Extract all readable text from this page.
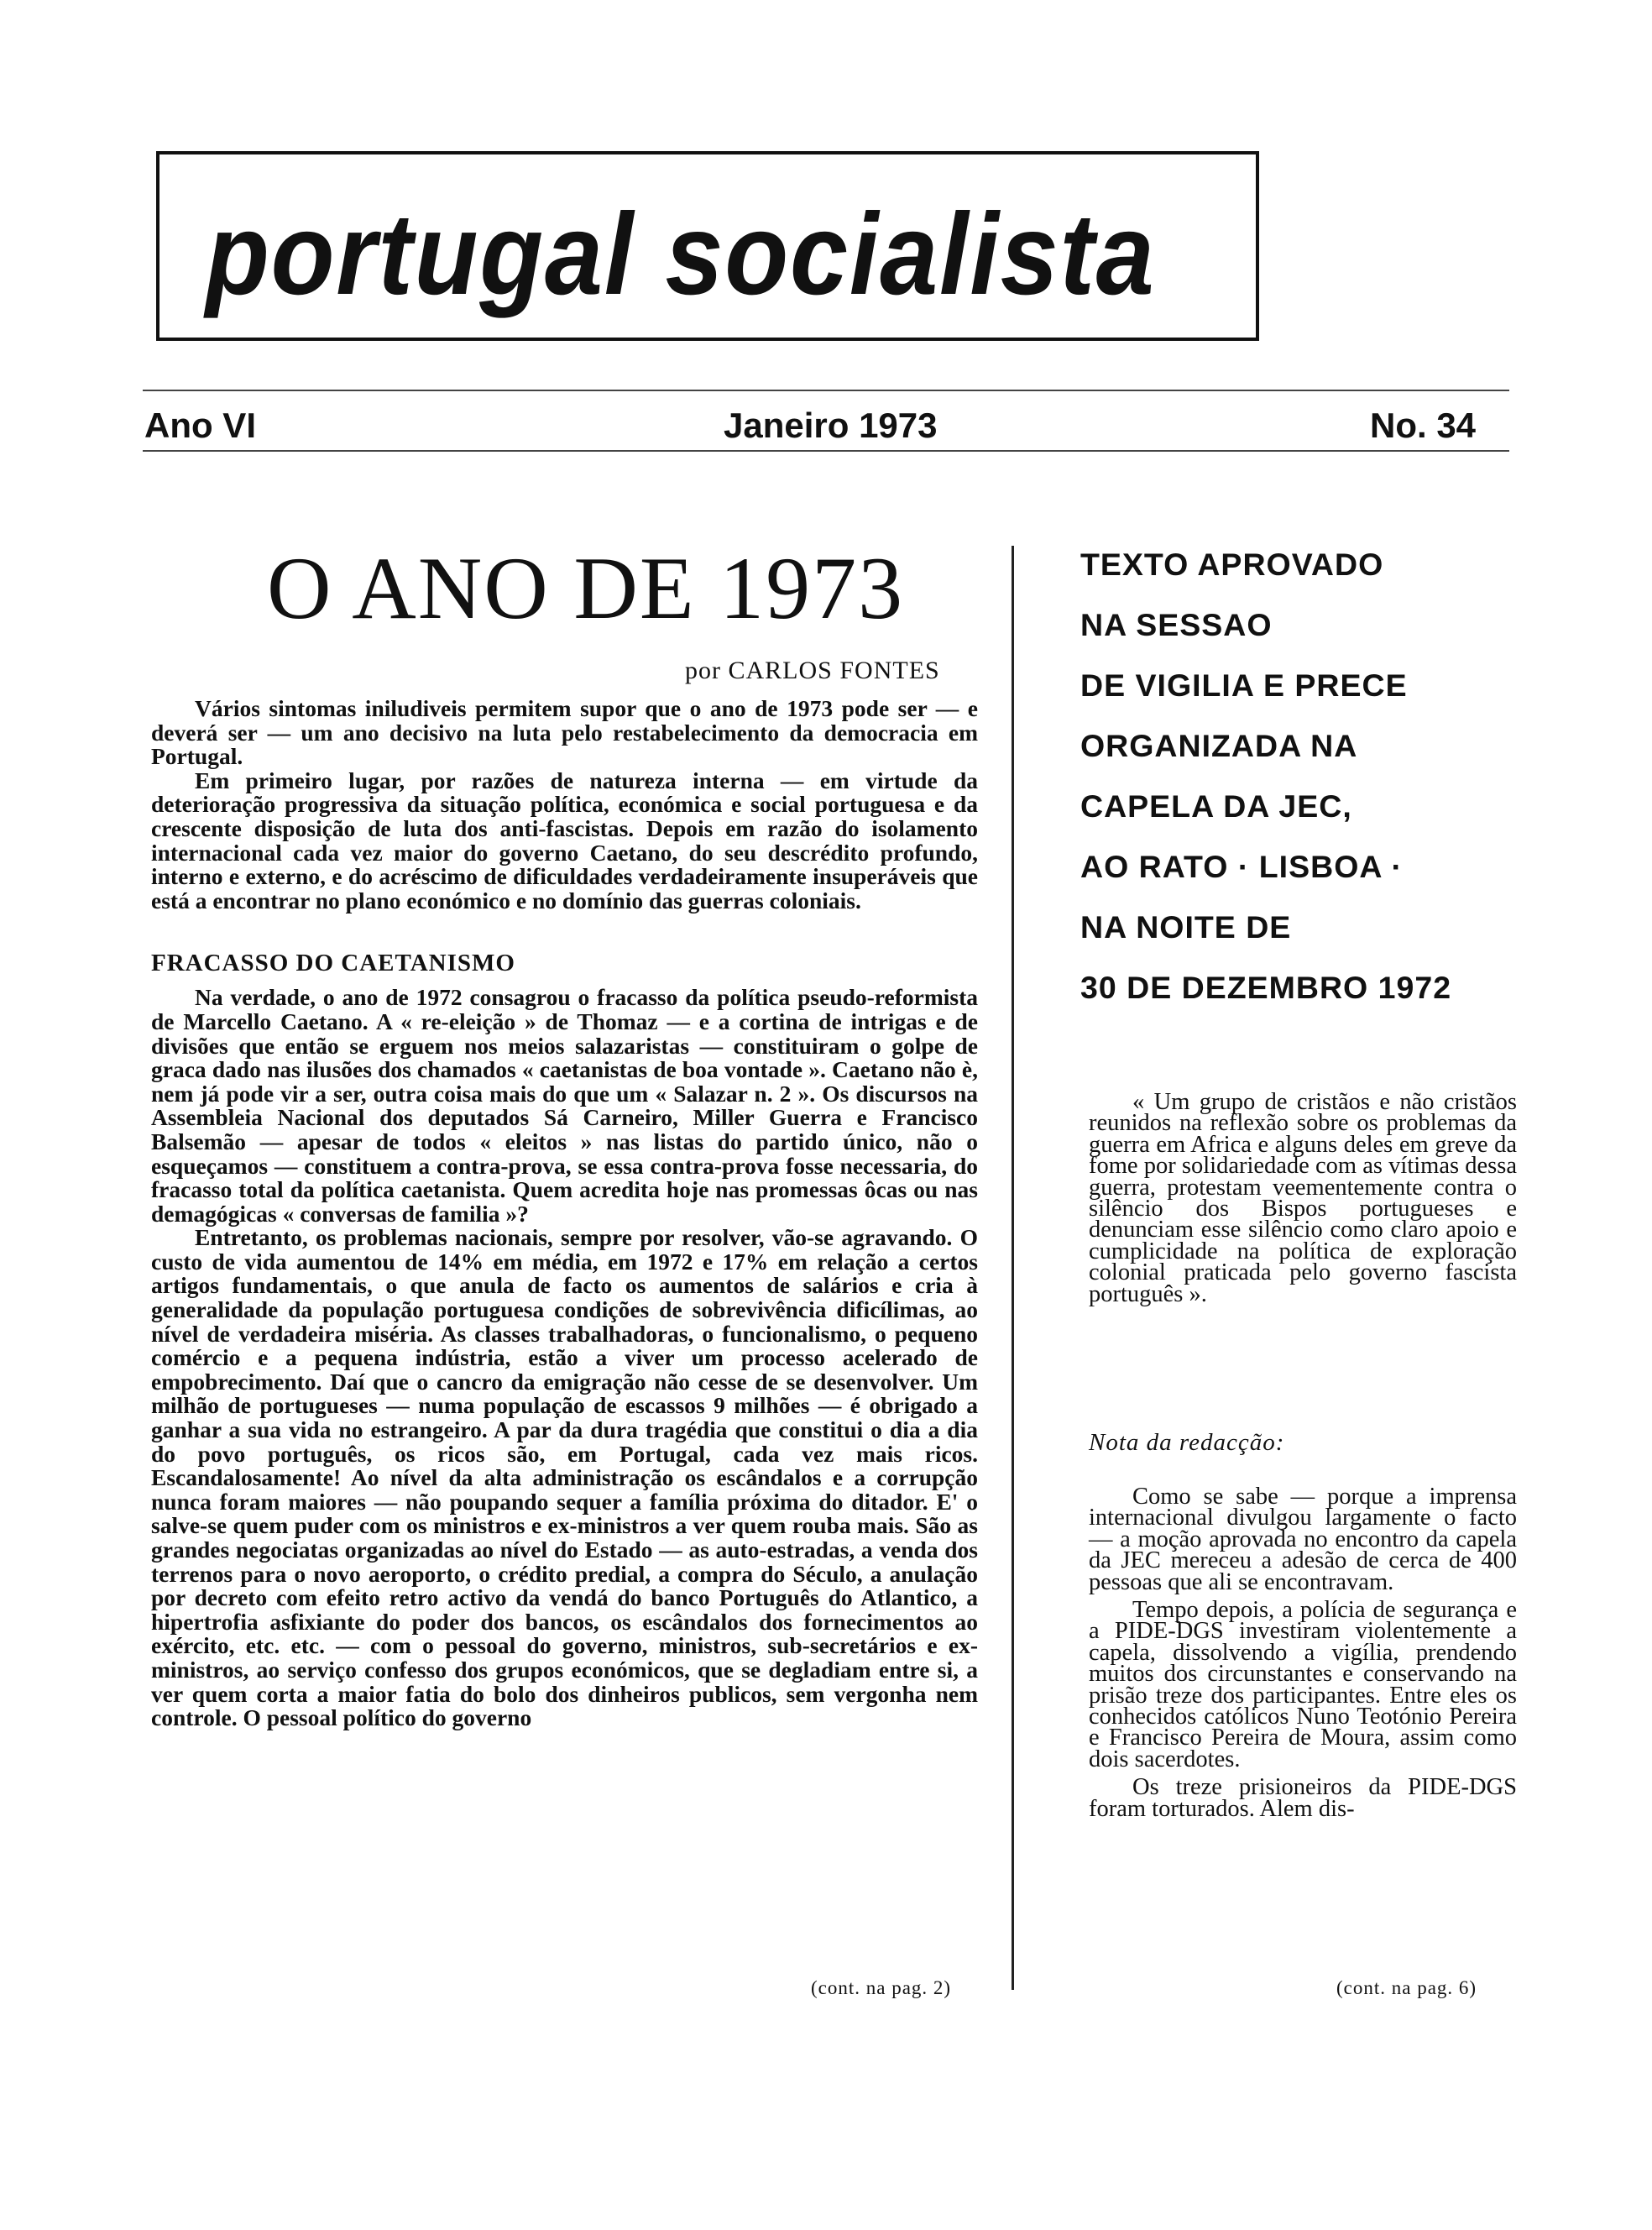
portugal socialista
Ano VI	Janeiro 1973	No. 34
O ANO DE 1973
por CARLOS FONTES

Vários sintomas iniludiveis permitem supor que o ano de 1973 pode ser — e deverá ser — um ano decisivo na luta pelo restabelecimento da democracia em Portugal.

Em primeiro lugar, por razões de natureza interna — em virtude da deterioração progressiva da situação política, económica e social portuguesa e da crescente disposição de luta dos anti-fascistas. Depois em razão do isolamento internacional cada vez maior do governo Caetano, do seu descrédito profundo, interno e externo, e do acréscimo de dificuldades verdadeiramente insuperáveis que está a encontrar no plano económico e no domínio das guerras coloniais.

FRACASSO DO CAETANISMO

Na verdade, o ano de 1972 consagrou o fracasso da política pseudo-reformista de Marcello Caetano. A « re-eleição » de Thomaz — e a cortina de intrigas e de divisões que então se erguem nos meios salazaristas — constituiram o golpe de graca dado nas ilusões dos chamados « caetanistas de boa vontade ». Caetano não è, nem já pode vir a ser, outra coisa mais do que um « Salazar n. 2 ». Os discursos na Assembleia Nacional dos deputados Sá Carneiro, Miller Guerra e Francisco Balsemão — apesar de todos « eleitos » nas listas do partido único, não o esqueçamos — constituem a contra-prova, se essa contra-prova fosse necessaria, do fracasso total da política caetanista. Quem acredita hoje nas promessas ôcas ou nas demagógicas « conversas de familia »?

Entretanto, os problemas nacionais, sempre por resolver, vão-se agravando. O custo de vida aumentou de 14% em média, em 1972 e 17% em relação a certos artigos fundamentais, o que anula de facto os aumentos de salários e cria à generalidade da população portuguesa condições de sobrevivência dificílimas, ao nível de verdadeira miséria. As classes trabalhadoras, o funcionalismo, o pequeno comércio e a pequena indústria, estão a viver um processo acelerado de empobrecimento. Daí que o cancro da emigração não cesse de se desenvolver. Um milhão de portugueses — numa população de escassos 9 milhões — é obrigado a ganhar a sua vida no estrangeiro. A par da dura tragédia que constitui o dia a dia do povo português, os ricos são, em Portugal, cada vez mais ricos. Escandalosamente! Ao nível da alta administração os escândalos e a corrupção nunca foram maiores — não poupando sequer a família próxima do ditador. E' o salve-se quem puder com os ministros e ex-ministros a ver quem rouba mais. São as grandes negociatas organizadas ao nível do Estado — as auto-estradas, a venda dos terrenos para o novo aeroporto, o crédito predial, a compra do Século, a anulação por decreto com efeito retro activo da vendá do banco Português do Atlantico, a hipertrofia asfixiante do poder dos bancos, os escândalos dos fornecimentos ao exército, etc. etc. — com o pessoal do governo, ministros, sub-secretários e ex-ministros, ao serviço confesso dos grupos económicos, que se degladiam entre si, a ver quem corta a maior fatia do bolo dos dinheiros publicos, sem vergonha nem controle. O pessoal político do governo

(cont. na pag. 2)
TEXTO APROVADO
NA SESSAO
DE VIGILIA E PRECE
ORGANIZADA NA
CAPELA DA JEC,
AO RATO · LISBOA ·
NA NOITE DE
30 DE DEZEMBRO 1972

« Um grupo de cristãos e não cristãos reunidos na reflexão sobre os problemas da guerra em Africa e alguns deles em greve da fome por solidariedade com as vítimas dessa guerra, protestam veementemente contra o silêncio dos Bispos portugueses e denunciam esse silêncio como claro apoio e cumplicidade na política de exploração colonial praticada pelo governo fascista português ».

Nota da redacção:

Como se sabe — porque a imprensa internacional divulgou largamente o facto — a moção aprovada no encontro da capela da JEC mereceu a adesão de cerca de 400 pessoas que ali se encontravam.

Tempo depois, a polícia de segurança e a PIDE-DGS investiram violentemente a capela, dissolvendo a vigília, prendendo muitos dos circunstantes e conservando na prisão treze dos participantes. Entre eles os conhecidos católicos Nuno Teotónio Pereira e Francisco Pereira de Moura, assim como dois sacerdotes.

Os treze prisioneiros da PIDE-DGS foram torturados. Alem dis-

(cont. na pag. 6)
